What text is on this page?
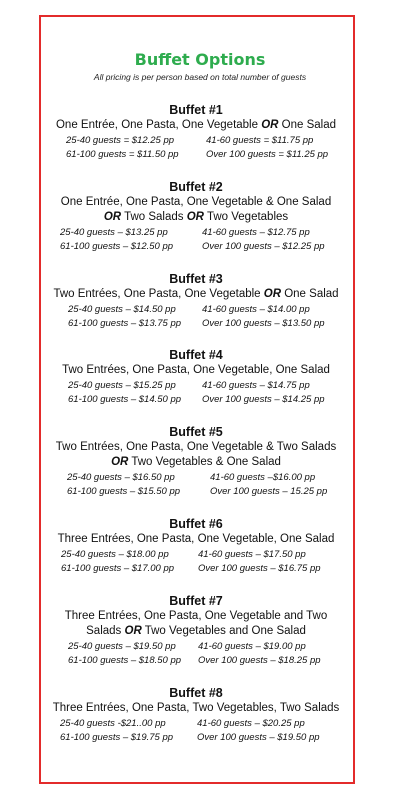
Buffet Options
All pricing is per person based on total number of guests
Buffet #1

One Entrée, One Pasta, One Vegetable OR One Salad

25-40 guests = $12.25 pp	41-60 guests = $11.75 pp
61-100 guests = $11.50 pp	Over 100 guests = $11.25 pp
Buffet #2

One Entrée, One Pasta, One Vegetable & One Salad

OR Two Salads OR Two Vegetables

25-40 guests – $13.25 pp	41-60 guests – $12.75 pp
61-100 guests – $12.50 pp	Over 100 guests – $12.25 pp
Buffet #3

Two Entrées, One Pasta, One Vegetable OR One Salad

25-40 guests – $14.50 pp	41-60 guests – $14.00 pp
61-100 guests – $13.75 pp Over 100 guests – $13.50 pp
Buffet #4

Two Entrées, One Pasta, One Vegetable, One Salad

25-40 guests – $15.25 pp	41-60 guests – $14.75 pp
61-100 guests – $14.50 pp Over 100 guests – $14.25 pp
Buffet #5

Two Entrées, One Pasta, One Vegetable & Two Salads

OR Two Vegetables & One Salad

25-40 guests – $16.50 pp	41-60 guests –$16.00 pp
61-100 guests – $15.50 pp	Over 100 guests – 15.25 pp
Buffet #6

Three Entrées, One Pasta, One Vegetable, One Salad

25-40 guests – $18.00 pp	41-60 guests – $17.50 pp
61-100 guests – $17.00 pp	Over 100 guests – $16.75 pp
Buffet #7

Three Entrées, One Pasta, One Vegetable and Two

Salads OR Two Vegetables and One Salad

25-40 guests – $19.50 pp 41-60 guests – $19.00 pp
61-100 guests – $18.50 pp Over 100 guests – $18.25 pp
Buffet #8

Three Entrées, One Pasta, Two Vegetables, Two Salads

25-40 guests -$21..00 pp	41-60 guests – $20.25 pp
61-100 guests – $19.75 pp	Over 100 guests – $19.50 pp
